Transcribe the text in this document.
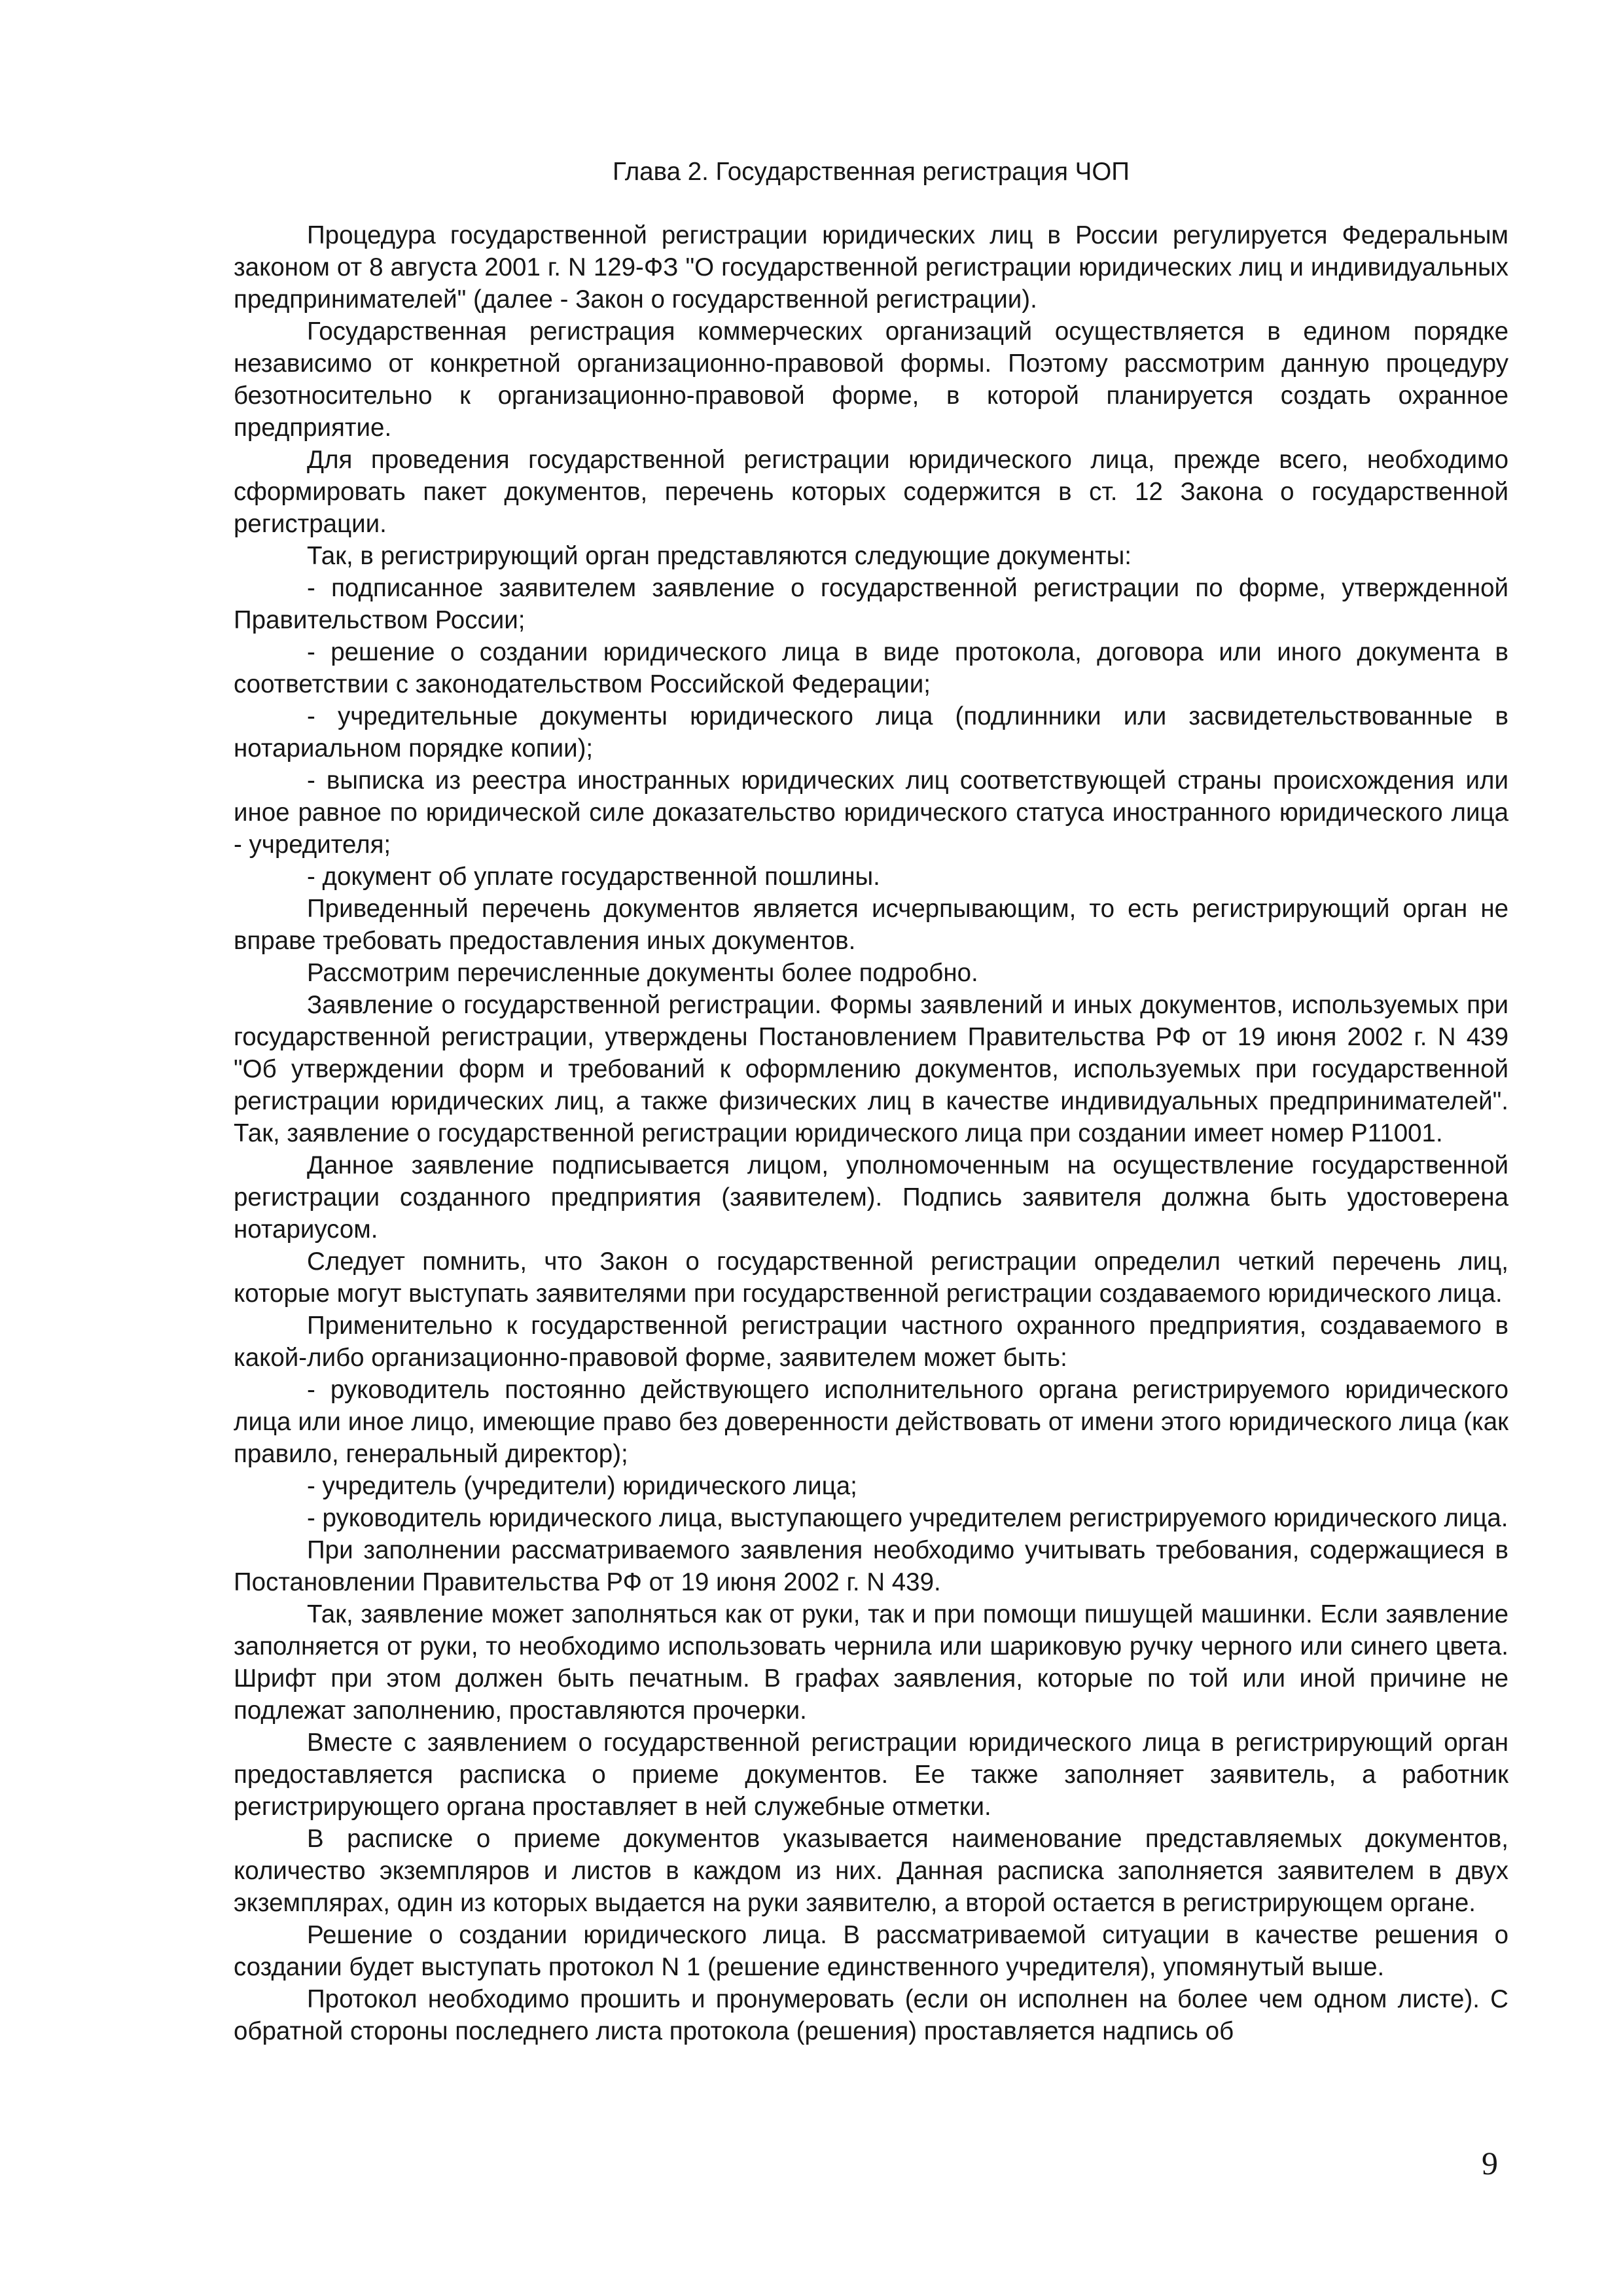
Глава 2. Государственная регистрация ЧОП

Процедура государственной регистрации юридических лиц в России регулируется Федеральным законом от 8 августа 2001 г. N 129-ФЗ "О государственной регистрации юридических лиц и индивидуальных предпринимателей" (далее - Закон о государственной регистрации).

Государственная регистрация коммерческих организаций осуществляется в едином порядке независимо от конкретной организационно-правовой формы. Поэтому рассмотрим данную процедуру безотносительно к организационно-правовой форме, в которой планируется создать охранное предприятие.

Для проведения государственной регистрации юридического лица, прежде всего, необходимо сформировать пакет документов, перечень которых содержится в ст. 12 Закона о государственной регистрации.

Так, в регистрирующий орган представляются следующие документы:

- подписанное заявителем заявление о государственной регистрации по форме, утвержденной Правительством России;

- решение о создании юридического лица в виде протокола, договора или иного документа в соответствии с законодательством Российской Федерации;

- учредительные документы юридического лица (подлинники или засвидетельствованные в нотариальном порядке копии);

- выписка из реестра иностранных юридических лиц соответствующей страны происхождения или иное равное по юридической силе доказательство юридического статуса иностранного юридического лица - учредителя;

- документ об уплате государственной пошлины.

Приведенный перечень документов является исчерпывающим, то есть регистрирующий орган не вправе требовать предоставления иных документов.

Рассмотрим перечисленные документы более подробно.

Заявление о государственной регистрации. Формы заявлений и иных документов, используемых при государственной регистрации, утверждены Постановлением Правительства РФ от 19 июня 2002 г. N 439 "Об утверждении форм и требований к оформлению документов, используемых при государственной регистрации юридических лиц, а также физических лиц в качестве индивидуальных предпринимателей". Так, заявление о государственной регистрации юридического лица при создании имеет номер Р11001.

Данное заявление подписывается лицом, уполномоченным на осуществление государственной регистрации созданного предприятия (заявителем). Подпись заявителя должна быть удостоверена нотариусом.

Следует помнить, что Закон о государственной регистрации определил четкий перечень лиц, которые могут выступать заявителями при государственной регистрации создаваемого юридического лица.

Применительно к государственной регистрации частного охранного предприятия, создаваемого в какой-либо организационно-правовой форме, заявителем может быть:

- руководитель постоянно действующего исполнительного органа регистрируемого юридического лица или иное лицо, имеющие право без доверенности действовать от имени этого юридического лица (как правило, генеральный директор);

- учредитель (учредители) юридического лица;

- руководитель юридического лица, выступающего учредителем регистрируемого юридического лица.

При заполнении рассматриваемого заявления необходимо учитывать требования, содержащиеся в Постановлении Правительства РФ от 19 июня 2002 г. N 439.

Так, заявление может заполняться как от руки, так и при помощи пишущей машинки. Если заявление заполняется от руки, то необходимо использовать чернила или шариковую ручку черного или синего цвета. Шрифт при этом должен быть печатным. В графах заявления, которые по той или иной причине не подлежат заполнению, проставляются прочерки.

Вместе с заявлением о государственной регистрации юридического лица в регистрирующий орган предоставляется расписка о приеме документов. Ее также заполняет заявитель, а работник регистрирующего органа проставляет в ней служебные отметки.

В расписке о приеме документов указывается наименование представляемых документов, количество экземпляров и листов в каждом из них. Данная расписка заполняется заявителем в двух экземплярах, один из которых выдается на руки заявителю, а второй остается в регистрирующем органе.

Решение о создании юридического лица. В рассматриваемой ситуации в качестве решения о создании будет выступать протокол N 1 (решение единственного учредителя), упомянутый выше.

Протокол необходимо прошить и пронумеровать (если он исполнен на более чем одном листе). С обратной стороны последнего листа протокола (решения) проставляется надпись об

9
